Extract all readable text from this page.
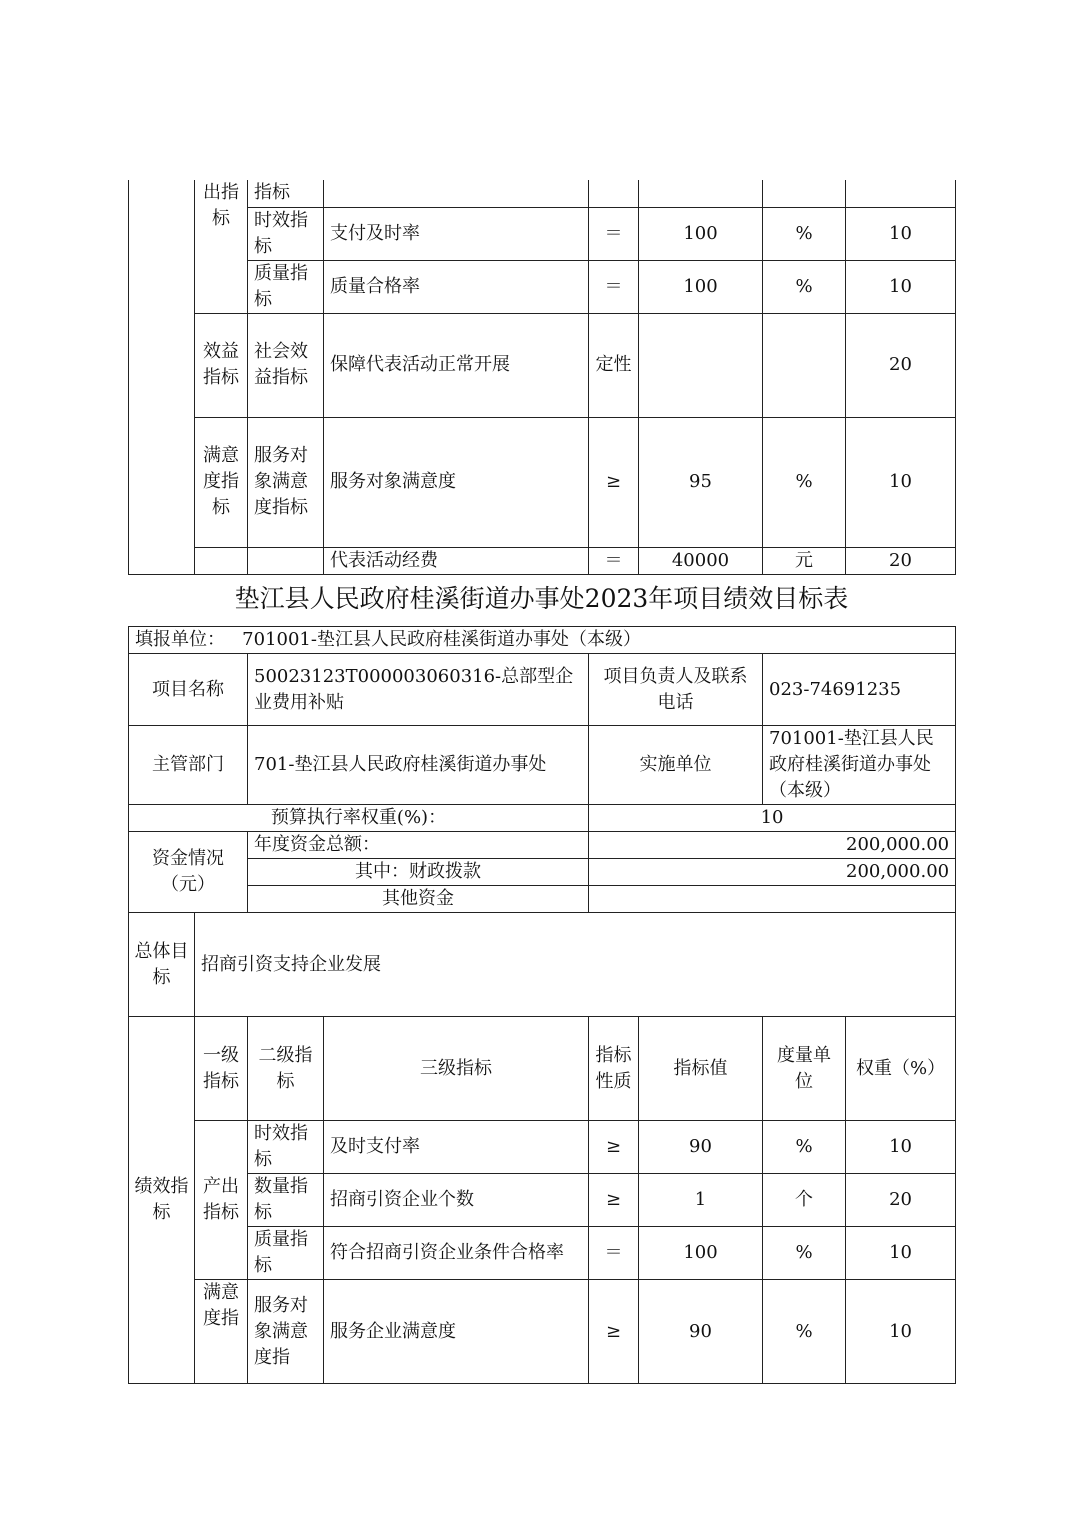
	出指标	指标					
		时效指标	支付及时率	＝	100	%	10
		质量指标	质量合格率	＝	100	%	10
	效益指标	社会效益指标	保障代表活动正常开展	定性			20
	满意度指标	服务对象满意度指标	服务对象满意度	≥	95	%	10
			代表活动经费	＝	40000	元	20
垫江县人民政府桂溪街道办事处2023年项目绩效目标表
填报单位： 701001-垫江县人民政府桂溪街道办事处（本级）							
项目名称		50023123T000003060316-总部型企业费用补贴		项目负责人及联系电话		023-74691235	
主管部门		701-垫江县人民政府桂溪街道办事处		实施单位		701001-垫江县人民政府桂溪街道办事处（本级）	
预算执行率权重(%)：				10			
资金情况（元）		年度资金总额：		200,000.00			
		其中：财政拨款		200,000.00			
		其他资金					
总体目标	招商引资支持企业发展						
绩效指标	一级指标	二级指标	三级指标	指标性质	指标值	度量单位	权重（%）
	产出指标	时效指标	及时支付率	≥	90	%	10
		数量指标	招商引资企业个数	≥	1	个	20
		质量指标	符合招商引资企业条件合格率	＝	100	%	10
	满意度指	服务对象满意度指	服务企业满意度	≥	90	%	10
